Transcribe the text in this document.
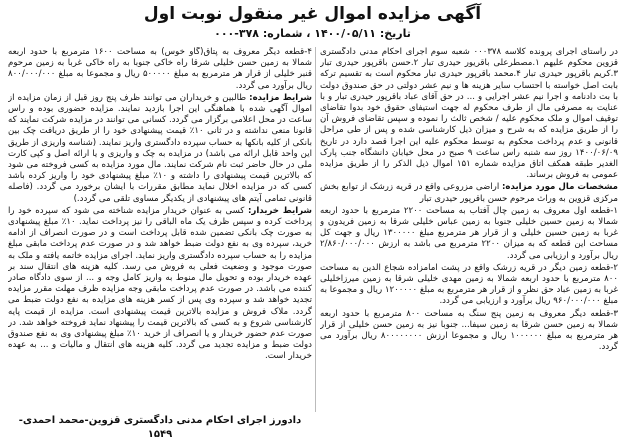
آگهی مزایده اموال غیر منقول نوبت اول
تاریخ: ۱۴۰۰/۰۵/۱۱ ، شماره: ۳۷۸-۰۰۰

در راستای اجرای پرونده کلاسه ۰۰۰۳۷۸ شعبه سوم اجرای احکام مدنی دادگستری قزوین محکوم علیهم ۱.مصطرعلی باقریور حیدری تبار ۲.حسن باقرپور حیدری تبار ۳.کریم باقرپور حیدری تبار ۴.محمد باقرپور حیدری تبار محکوم است به تقسیم ترکه بابت اصل خواسته با احتساب سایر هزینه ها و نیم عشر دولتی در حق صندوق دولت با بت دادنامه و اجرا نیم عشر اجرایی و ... در حق آقای عباد باقرپور حیدری تبار و با عنایت به مصرفی مال از طرف محکوم له جهت استیفای حقوق خود بدوا تقاضای توقیف اموال و ملک محکوم علیه / شخص ثالث را نموده و سپس تقاضای فروش آن را از طریق مزایده که به شرح و میزان ذیل کارشناسی شده و پس از طی مراحل قانونی و عدم پرداخت محکوم به توسط محکوم علیه این اجرا قصد دارد در تاریخ ۱۴۰۰/۰۶/۰۹ روز سه شنبه راس ساعت ۹ صبح در محل خیابان دانشگاه جنب پارک الغدیر طبقه همکف اتاق مزایده شماره ۱۵۱ اموال ذیل الذکر را از طریق مزایده عمومی به فروش برساند.

مشخصات مال مورد مزایده: اراضی مزروعی واقع در قریه زرشک از توابع بخش مرکزی قزوین به وراث مرحوم حسن باقرپور حیدری تبار

۱-قطعه اول معروف به زمین چال آفتاب به مساحت ۲۲۰۰ مترمربع با حدود اربعه شمالا به زمین حسین خلیلی جنوبا به زمین عباس خلیلی شرقا به زمین فریدون و غربا به زمین حسین خلیلی و از قرار هر مترمربع مبلغ ۱۳۰۰۰۰۰ ریال و جهت کل مساحت این قطعه که به میزان ۲۲۰۰ مترمربع می باشد به ارزش ۲/۸۶۰/۰۰۰/۰۰۰ ریال برآورد و ارزیابی می گردد.

۲-قطعه زمین دیگر در قریه زرشک واقع در پشت امامزاده شجاع الدین به مساحت ۸۰۰ مترمربع با حدود اربعه شمالا به زمین مهدی خلیلی شرقا به زمین میرزاخلیلی غربا به زمین عباد حق نظر و از قرار هر مترمربع به مبلغ ۱۲۰۰۰۰۰ ریال و مجموعا به مبلغ ۹۶۰/۰۰۰/۰۰۰ ریال برآورد و ارزیابی می گردد.

۳-قطعه دیگر معروف به زمین پنج سنگ به مساحت ۸۰۰ مترمربع با حدود اربعه شمالا به زمین حسن شرقا به زمین سیفا... جنوبا نیز به زمین حسن خلیلی از قرار هر مترمربع به مبلغ ۱۰۰۰۰۰۰ ریال و مجموعا ارزش ۸۰۰۰۰۰۰۰۰ ریال برآورد می گردد.

۴-قطعه دیگر معروف به پتاق(گاو خوس) به مساحت ۱۶۰۰ مترمربع با حدود اربعه شمالا به زمین حسن خلیلی شرقا راه خاکی جنوبا به راه خاکی غربا به زمین مرحوم قنبر خلیلی از قرار هر مترمربع به مبلغ ۵۰۰۰۰۰ ریال و مجموعا به مبلغ ۸۰۰/۰۰۰/۰۰۰ ریال برآورد می گردد.

شرایط مزایده: طالبین و خریداران می توانند ظرف پنج روز قبل از زمان مزایده از اموال آگهی شده با هماهنگی این اجرا بازدید نمایند. مزایده حضوری بوده و راس ساعت در محل اعلامی برگزار می گردد. کسانی می توانند در مزایده شرکت نمایند که قانونا منعی نداشته و در ثانی ۱۰٪ قیمت پیشنهادی خود را از طریق دریافت چک بین بانکی از کلیه بانکها به حساب سپرده دادگستری واریز نمایند. (شناسه واریزی از طریق این واحد قابل ارائه می باشد) در مزایده به چک و واریزی و یا ارائه اصل و کپی کارت ملی در حال حاضر ثبت نام شرکت نمایند. مال مورد مزایده به کسی فروخته می شود که بالاترین قیمت پیشنهادی را داشته و ۱۰٪ مبلغ پیشنهادی خود را واریز کرده باشد کسی که در مزایده اخلال نماید مطابق مقررات با ایشان برخورد می گردد. (فاصله قانونی تمامی آیتم های پیشنهادی از یکدیگر مساوی تلقی می گردد.)

شرایط خریدار: کسی به عنوان خریدار مزایده شناخته می شود که سپرده خود را پرداخت کرده و سپس ظرف یک ماه الباقی را نیز پرداخت نماید. ۱۰٪ مبلغ پیشنهادی به صورت چک بانکی تضمین شده قابل پرداخت است و در صورت انصراف از ادامه خرید، سپرده وی به نفع دولت ضبط خواهد شد و در صورت عدم پرداخت مابقی مبلغ مزایده را به حساب سپرده دادگستری واریز نماید. اجرای مزایده خاتمه یافته و ملک به صورت موجود و وضعیت فعلی به فروش می رسد. کلیه هزینه های انتقال سند بر عهده خریدار بوده و تحویل مال منوط به واریز کامل وجه و ... از سوی دادگاه صادر کننده می باشد. در صورت عدم پرداخت مابقی وجه مزایده ظرف مهلت مقرر مزایده تجدید خواهد شد و سپرده وی پس از کسر هزینه های مزایده به نفع دولت ضبط می گردد. ملاک فروش و مزایده بالاترین قیمت پیشنهادی است. مزایده از قیمت پایه کارشناسی شروع و به کسی که بالاترین قیمت را پیشنهاد نماید فروخته خواهد شد. در صورت عدم حضور خریدار و یا انصراف از خرید ۱۰٪ مبلغ پیشنهادی وی به نفع صندوق دولت ضبط و مزایده تجدید می گردد. کلیه هزینه های انتقال و مالیات و ... به عهده خریدار است.

دادورز اجرای احکام مدنی دادگستری قزوین-محمد احمدی- ۱۵۴۹
